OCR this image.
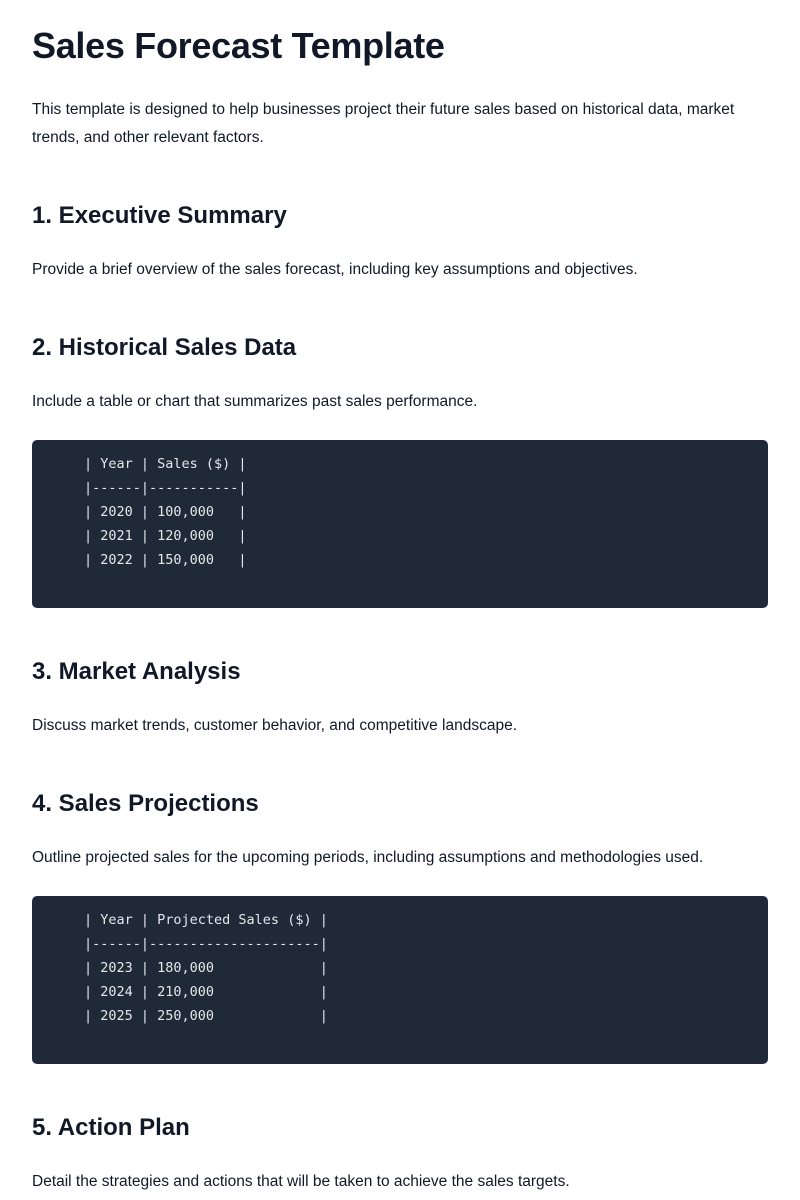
Sales Forecast Template

This template is designed to help businesses project their future sales based on historical data, market trends, and other relevant factors.

1. Executive Summary

Provide a brief overview of the sales forecast, including key assumptions and objectives.

2. Historical Sales Data

Include a table or chart that summarizes past sales performance.

| Year | Sales ($) |
|------|-----------|
| 2020 | 100,000   |
| 2021 | 120,000   |
| 2022 | 150,000   |
3. Market Analysis

Discuss market trends, customer behavior, and competitive landscape.

4. Sales Projections

Outline projected sales for the upcoming periods, including assumptions and methodologies used.

| Year | Projected Sales ($) |
|------|---------------------|
| 2023 | 180,000             |
| 2024 | 210,000             |
| 2025 | 250,000             |
5. Action Plan

Detail the strategies and actions that will be taken to achieve the sales targets.
